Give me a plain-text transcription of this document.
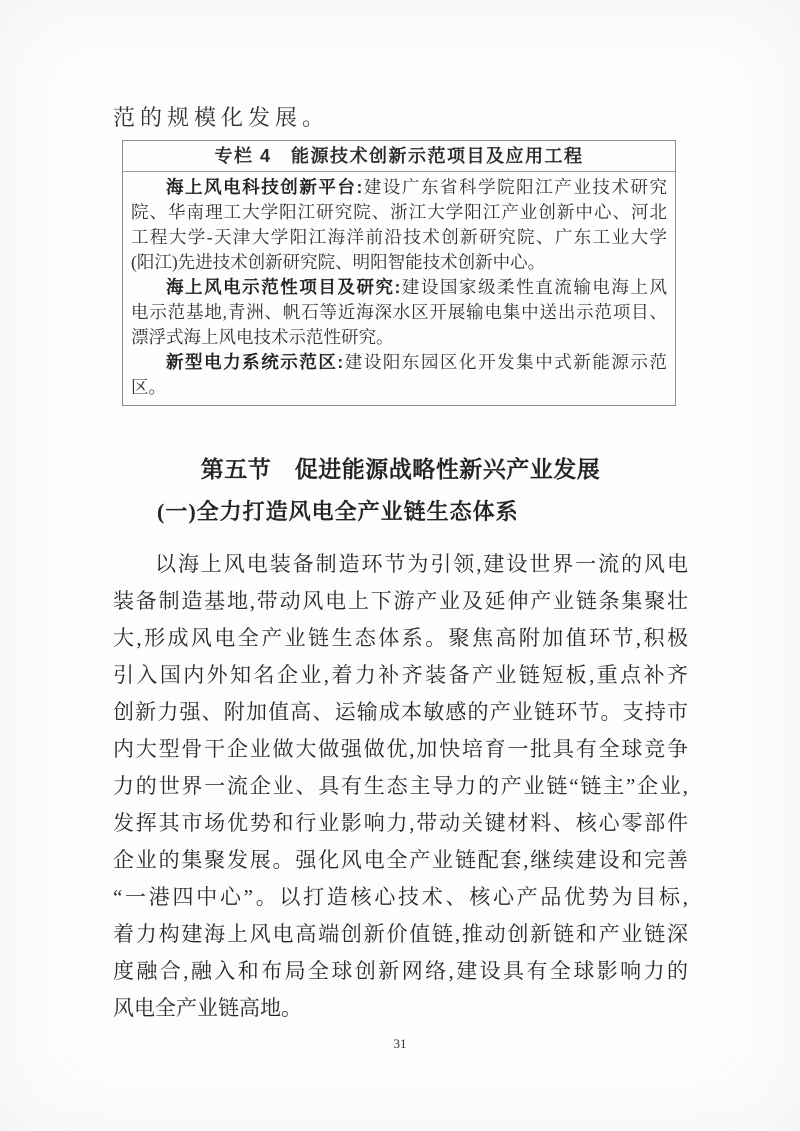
范的规模化发展。

专栏 4　能源技术创新示范项目及应用工程
海上风电科技创新平台:建设广东省科学院阳江产业技术研究
院、华南理工大学阳江研究院、浙江大学阳江产业创新中心、河北
工程大学-天津大学阳江海洋前沿技术创新研究院、广东工业大学
(阳江)先进技术创新研究院、明阳智能技术创新中心。
海上风电示范性项目及研究:建设国家级柔性直流输电海上风
电示范基地,青洲、帆石等近海深水区开展输电集中送出示范项目、
漂浮式海上风电技术示范性研究。
新型电力系统示范区:建设阳东园区化开发集中式新能源示范
区。
第五节　促进能源战略性新兴产业发展
(一)全力打造风电全产业链生态体系
以海上风电装备制造环节为引领,建设世界一流的风电
装备制造基地,带动风电上下游产业及延伸产业链条集聚壮
大,形成风电全产业链生态体系。聚焦高附加值环节,积极
引入国内外知名企业,着力补齐装备产业链短板,重点补齐
创新力强、附加值高、运输成本敏感的产业链环节。支持市
内大型骨干企业做大做强做优,加快培育一批具有全球竞争
力的世界一流企业、具有生态主导力的产业链“链主”企业,
发挥其市场优势和行业影响力,带动关键材料、核心零部件
企业的集聚发展。强化风电全产业链配套,继续建设和完善
“一港四中心”。以打造核心技术、核心产品优势为目标,
着力构建海上风电高端创新价值链,推动创新链和产业链深
度融合,融入和布局全球创新网络,建设具有全球影响力的
风电全产业链高地。
31
